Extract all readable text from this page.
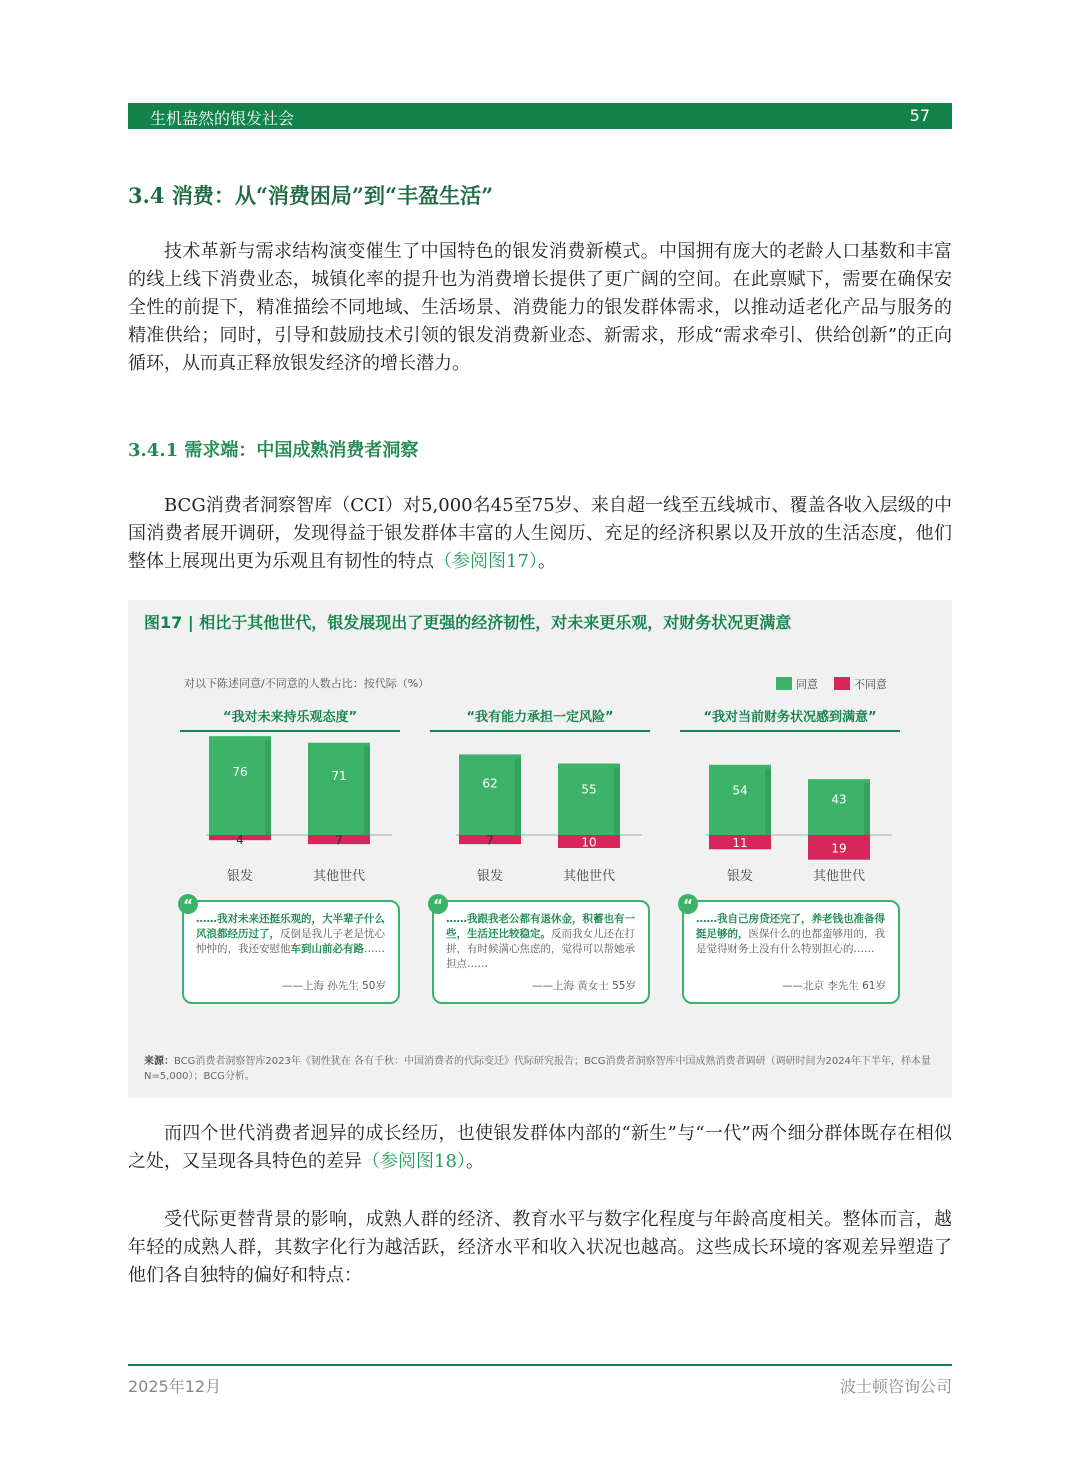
生机盎然的银发社会	57
3.4 消费：从“消费困局”到“丰盈生活”

技术革新与需求结构演变催生了中国特色的银发消费新模式。中国拥有庞大的老龄人口基数和丰富的线上线下消费业态，城镇化率的提升也为消费增长提供了更广阔的空间。在此禀赋下，需要在确保安全性的前提下，精准描绘不同地域、生活场景、消费能力的银发群体需求，以推动适老化产品与服务的精准供给；同时，引导和鼓励技术引领的银发消费新业态、新需求，形成“需求牵引、供给创新”的正向循环，从而真正释放银发经济的增长潜力。

3.4.1 需求端：中国成熟消费者洞察

BCG消费者洞察智库（CCI）对5,000名45至75岁、来自超一线至五线城市、覆盖各收入层级的中国消费者展开调研，发现得益于银发群体丰富的人生阅历、充足的经济积累以及开放的生活态度，他们整体上展现出更为乐观且有韧性的特点（参阅图17）。

图17 | 相比于其他世代，银发展现出了更强的经济韧性，对未来更乐观，对财务状况更满意
对以下陈述同意/不同意的人数占比：按代际（%）	同意	不同意
“我对未来持乐观态度”
76
4
银发
71
7
其他世代
“我有能力承担一定风险”
62
7
银发
55
10
其他世代
“我对当前财务状况感到满意”
54
11
银发
43
19
其他世代
“
……我对未来还挺乐观的，大半辈子什么风浪都经历过了，反倒是我儿子老是忧心忡忡的，我还安慰他车到山前必有路……
——上海 孙先生 50岁
“
……我跟我老公都有退休金，积蓄也有一些，生活还比较稳定。反而我女儿还在打拼，有时候满心焦虑的，觉得可以帮她承担点……
——上海 黄女士 55岁
“
……我自己房贷还完了，养老钱也准备得挺足够的，医保什么的也都蛮够用的，我是觉得财务上没有什么特别担心的……
——北京 李先生 61岁
来源：BCG消费者洞察智库2023年《韧性犹在 各有千秋：中国消费者的代际变迁》代际研究报告；BCG消费者洞察智库中国成熟消费者调研（调研时间为2024年下半年，样本量N=5,000）；BCG分析。

而四个世代消费者迥异的成长经历，也使银发群体内部的“新生”与“一代”两个细分群体既存在相似之处，又呈现各具特色的差异（参阅图18）。

受代际更替背景的影响，成熟人群的经济、教育水平与数字化程度与年龄高度相关。整体而言，越年轻的成熟人群，其数字化行为越活跃，经济水平和收入状况也越高。这些成长环境的客观差异塑造了他们各自独特的偏好和特点：

2025年12月	波士顿咨询公司
